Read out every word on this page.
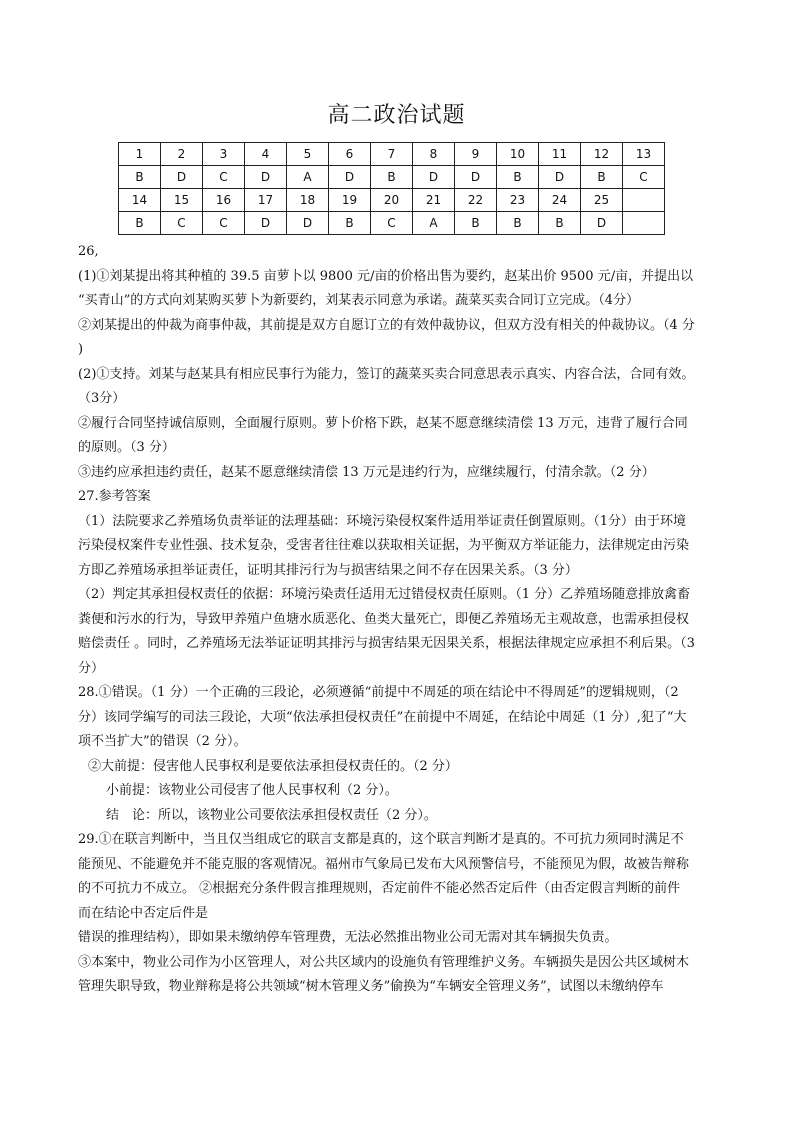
高二政治试题
1	2	3	4	5	6	7	8	9	10	11	12	13
B	D	C	D	A	D	B	D	D	B	D	B	C
14	15	16	17	18	19	20	21	22	23	24	25	
B	C	C	D	D	B	C	A	B	B	B	D	

26,

(1)①刘某提出将其种植的 39.5 亩萝卜以 9800 元/亩的价格出售为要约，赵某出价 9500 元/亩，并提出以

“买青山”的方式向刘某购买萝卜为新要约，刘某表示同意为承诺。蔬菜买卖合同订立完成。（4分）

②刘某提出的仲裁为商事仲裁，其前提是双方自愿订立的有效仲裁协议，但双方没有相关的仲裁协议。（4 分

)

(2)①支持。刘某与赵某具有相应民事行为能力，签订的蔬菜买卖合同意思表示真实、内容合法，合同有效。

（3分）

②履行合同坚持诚信原则，全面履行原则。萝卜价格下跌，赵某不愿意继续清偿 13 万元，违背了履行合同

的原则。（3 分）

③违约应承担违约责任，赵某不愿意继续清偿 13 万元是违约行为，应继续履行，付清余款。（2 分）

27.参考答案

（1）法院要求乙养殖场负责举证的法理基础：环境污染侵权案件适用举证责任倒置原则。（1分）由于环境

污染侵权案件专业性强、技术复杂，受害者往往难以获取相关证据，为平衡双方举证能力，法律规定由污染

方即乙养殖场承担举证责任，证明其排污行为与损害结果之间不存在因果关系。（3 分）

（2）判定其承担侵权责任的依据：环境污染责任适用无过错侵权责任原则。（1 分）乙养殖场随意排放禽畜

粪便和污水的行为，导致甲养殖户鱼塘水质恶化、鱼类大量死亡，即便乙养殖场无主观故意，也需承担侵权

赔偿责任 。同时，乙养殖场无法举证证明其排污与损害结果无因果关系，根据法律规定应承担不利后果。（3

分）

28.①错误。（1 分）一个正确的三段论，必须遵循“前提中不周延的项在结论中不得周延”的逻辑规则，（2

分）该同学编写的司法三段论，大项“依法承担侵权责任”在前提中不周延，在结论中周延（1 分）,犯了“大

项不当扩大”的错误（2 分）。

②大前提：侵害他人民事权利是要依法承担侵权责任的。（2 分）

小前提：该物业公司侵害了他人民事权利（2 分）。

结　论：所以，该物业公司要依法承担侵权责任（2 分）。

29.①在联言判断中，当且仅当组成它的联言支都是真的，这个联言判断才是真的。不可抗力须同时满足不

能预见、不能避免并不能克服的客观情况。福州市气象局已发布大风预警信号，不能预见为假，故被告辩称

的不可抗力不成立。 ②根据充分条件假言推理规则，否定前件不能必然否定后件（由否定假言判断的前件

而在结论中否定后件是

错误的推理结构），即如果未缴纳停车管理费，无法必然推出物业公司无需对其车辆损失负责。

③本案中，物业公司作为小区管理人，对公共区域内的设施负有管理维护义务。车辆损失是因公共区域树木

管理失职导致，物业辩称是将公共领域“树木管理义务”偷换为“车辆安全管理义务”，试图以未缴纳停车
